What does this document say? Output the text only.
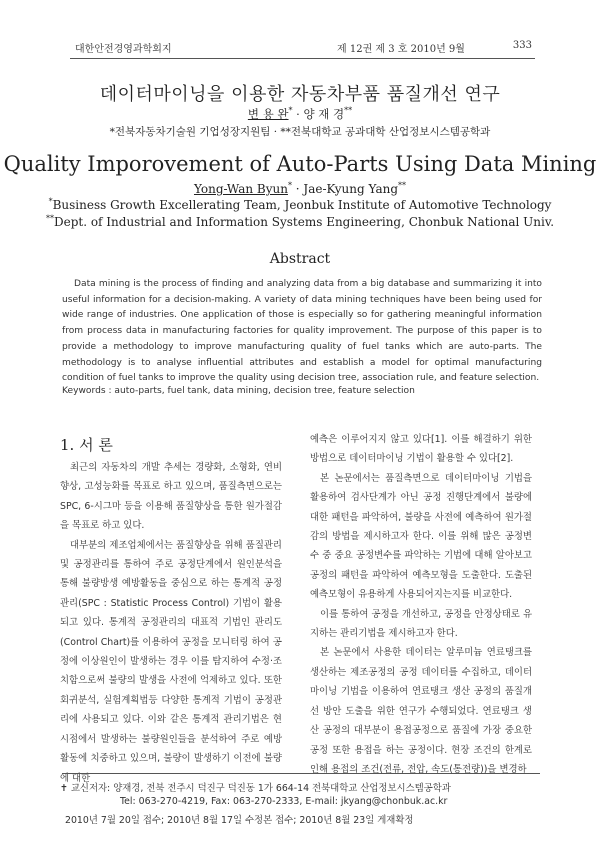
대한안전경영과학회지	제 12권 제 3 호 2010년 9월	333
데이터마이닝을 이용한 자동차부품 품질개선 연구
변 용 완* · 양 재 경**
*전북자동차기술원 기업성장지원팀 · **전북대학교 공과대학 산업정보시스템공학과
Quality Imporovement of Auto-Parts Using Data Mining
Yong-Wan Byun* · Jae-Kyung Yang**
*Business Growth Excellerating Team, Jeonbuk Institute of Automotive Technology
**Dept. of Industrial and Information Systems Engineering, Chonbuk National Univ.
Abstract

Data mining is the process of finding and analyzing data from a big database and summarizing it into useful information for a decision-making. A variety of data mining techniques have been being used for wide range of industries. One application of those is especially so for gathering meaningful information from process data in manufacturing factories for quality improvement. The purpose of this paper is to provide a methodology to improve manufacturing quality of fuel tanks which are auto-parts. The methodology is to analyse influential attributes and establish a model for optimal manufacturing condition of fuel tanks to improve the quality using decision tree, association rule, and feature selection.

Keywords : auto-parts, fuel tank, data mining, decision tree, feature selection
1. 서 론

최근의 자동차의 개발 추세는 경량화, 소형화, 연비향상, 고성능화를 목표로 하고 있으며, 품질측면으로는 SPC, 6-시그마 등을 이용해 품질향상을 통한 원가절감을 목표로 하고 있다.

대부분의 제조업체에서는 품질향상을 위해 품질관리 및 공정관리를 통하여 주로 공정단계에서 원인분석을 통해 불량방생 예방활동을 중심으로 하는 통계적 공정관리(SPC : Statistic Process Control) 기법이 활용되고 있다. 통계적 공정관리의 대표적 기법인 관리도(Control Chart)를 이용하여 공정을 모니터링 하여 공정에 이상원인이 발생하는 경우 이를 탐지하여 수정·조치함으로써 불량의 발생을 사전에 억제하고 있다. 또한 회귀분석, 실험계획법등 다양한 통계적 기법이 공정관리에 사용되고 있다. 이와 같은 통계적 관리기법은 현 시점에서 발생하는 불량원인들을 분석하여 주로 예방활동에 치중하고 있으며, 불량이 발생하기 이전에 불량에 대한

예측은 이루어지지 않고 있다[1]. 이를 해결하기 위한 방법으로 데이터마이닝 기법이 활용할 수 있다[2].

본 논문에서는 품질측면으로 데이터마이닝 기법을 활용하여 검사단계가 아닌 공정 진행단계에서 불량에 대한 패턴을 파악하여, 불량을 사전에 예측하여 원가절감의 방법을 제시하고자 한다. 이를 위해 많은 공정변수 중 중요 공정변수를 파악하는 기법에 대해 알아보고 공정의 패턴을 파악하여 예측모형을 도출한다. 도출된 예측모형이 유용하게 사용되어지는지를 비교한다.

이를 통하여 공정을 개선하고, 공정을 안정상태로 유지하는 관리기법을 제시하고자 한다.

본 논문에서 사용한 데이터는 알루미늄 연료탱크를 생산하는 제조공정의 공정 데이터를 수집하고, 데이터 마이닝 기법을 이용하여 연료탱크 생산 공정의 품질개선 방안 도출을 위한 연구가 수행되었다. 연료탱크 생산 공정의 대부분이 용접공정으로 품질에 가장 중요한 공정 또한 용접을 하는 공정이다. 현장 조건의 한계로 인해 용접의 조건(전류, 전압, 속도(통전량))을 변경하

✝ 교신저자: 양재경, 전북 전주시 덕진구 덕진동 1가 664-14 전북대학교 산업정보시스템공학과
Tel: 063-270-4219, Fax: 063-270-2333, E-mail: jkyang@chonbuk.ac.kr
2010년 7월 20일 접수; 2010년 8월 17일 수정본 접수; 2010년 8월 23일 게재확정
